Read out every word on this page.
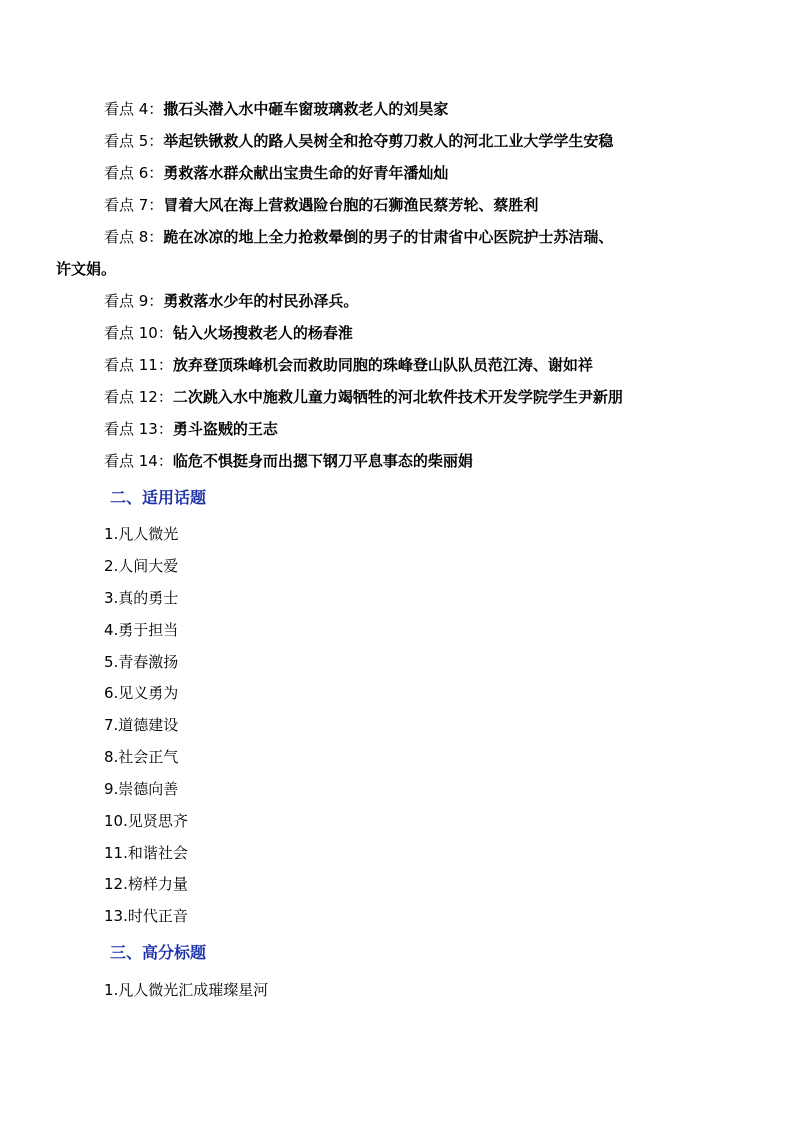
看点 4：撒石头潜入水中砸车窗玻璃救老人的刘昊家
看点 5：举起铁锹救人的路人吴树全和抢夺剪刀救人的河北工业大学学生安稳
看点 6：勇救落水群众献出宝贵生命的好青年潘灿灿
看点 7：冒着大风在海上营救遇险台胞的石狮渔民蔡芳轮、蔡胜利
看点 8：跪在冰凉的地上全力抢救晕倒的男子的甘肃省中心医院护士苏洁瑞、
许文娟。
看点 9：勇救落水少年的村民孙泽兵。
看点 10：钻入火场搜救老人的杨春淮
看点 11：放弃登顶珠峰机会而救助同胞的珠峰登山队队员范江涛、谢如祥
看点 12：二次跳入水中施救儿童力竭牺牲的河北软件技术开发学院学生尹新朋
看点 13：勇斗盗贼的王志
看点 14：临危不惧挺身而出摁下钢刀平息事态的柴丽娟
二、适用话题
1.凡人微光
2.人间大爱
3.真的勇士
4.勇于担当
5.青春激扬
6.见义勇为
7.道德建设
8.社会正气
9.崇德向善
10.见贤思齐
11.和谐社会
12.榜样力量
13.时代正音
三、高分标题
1.凡人微光汇成璀璨星河
